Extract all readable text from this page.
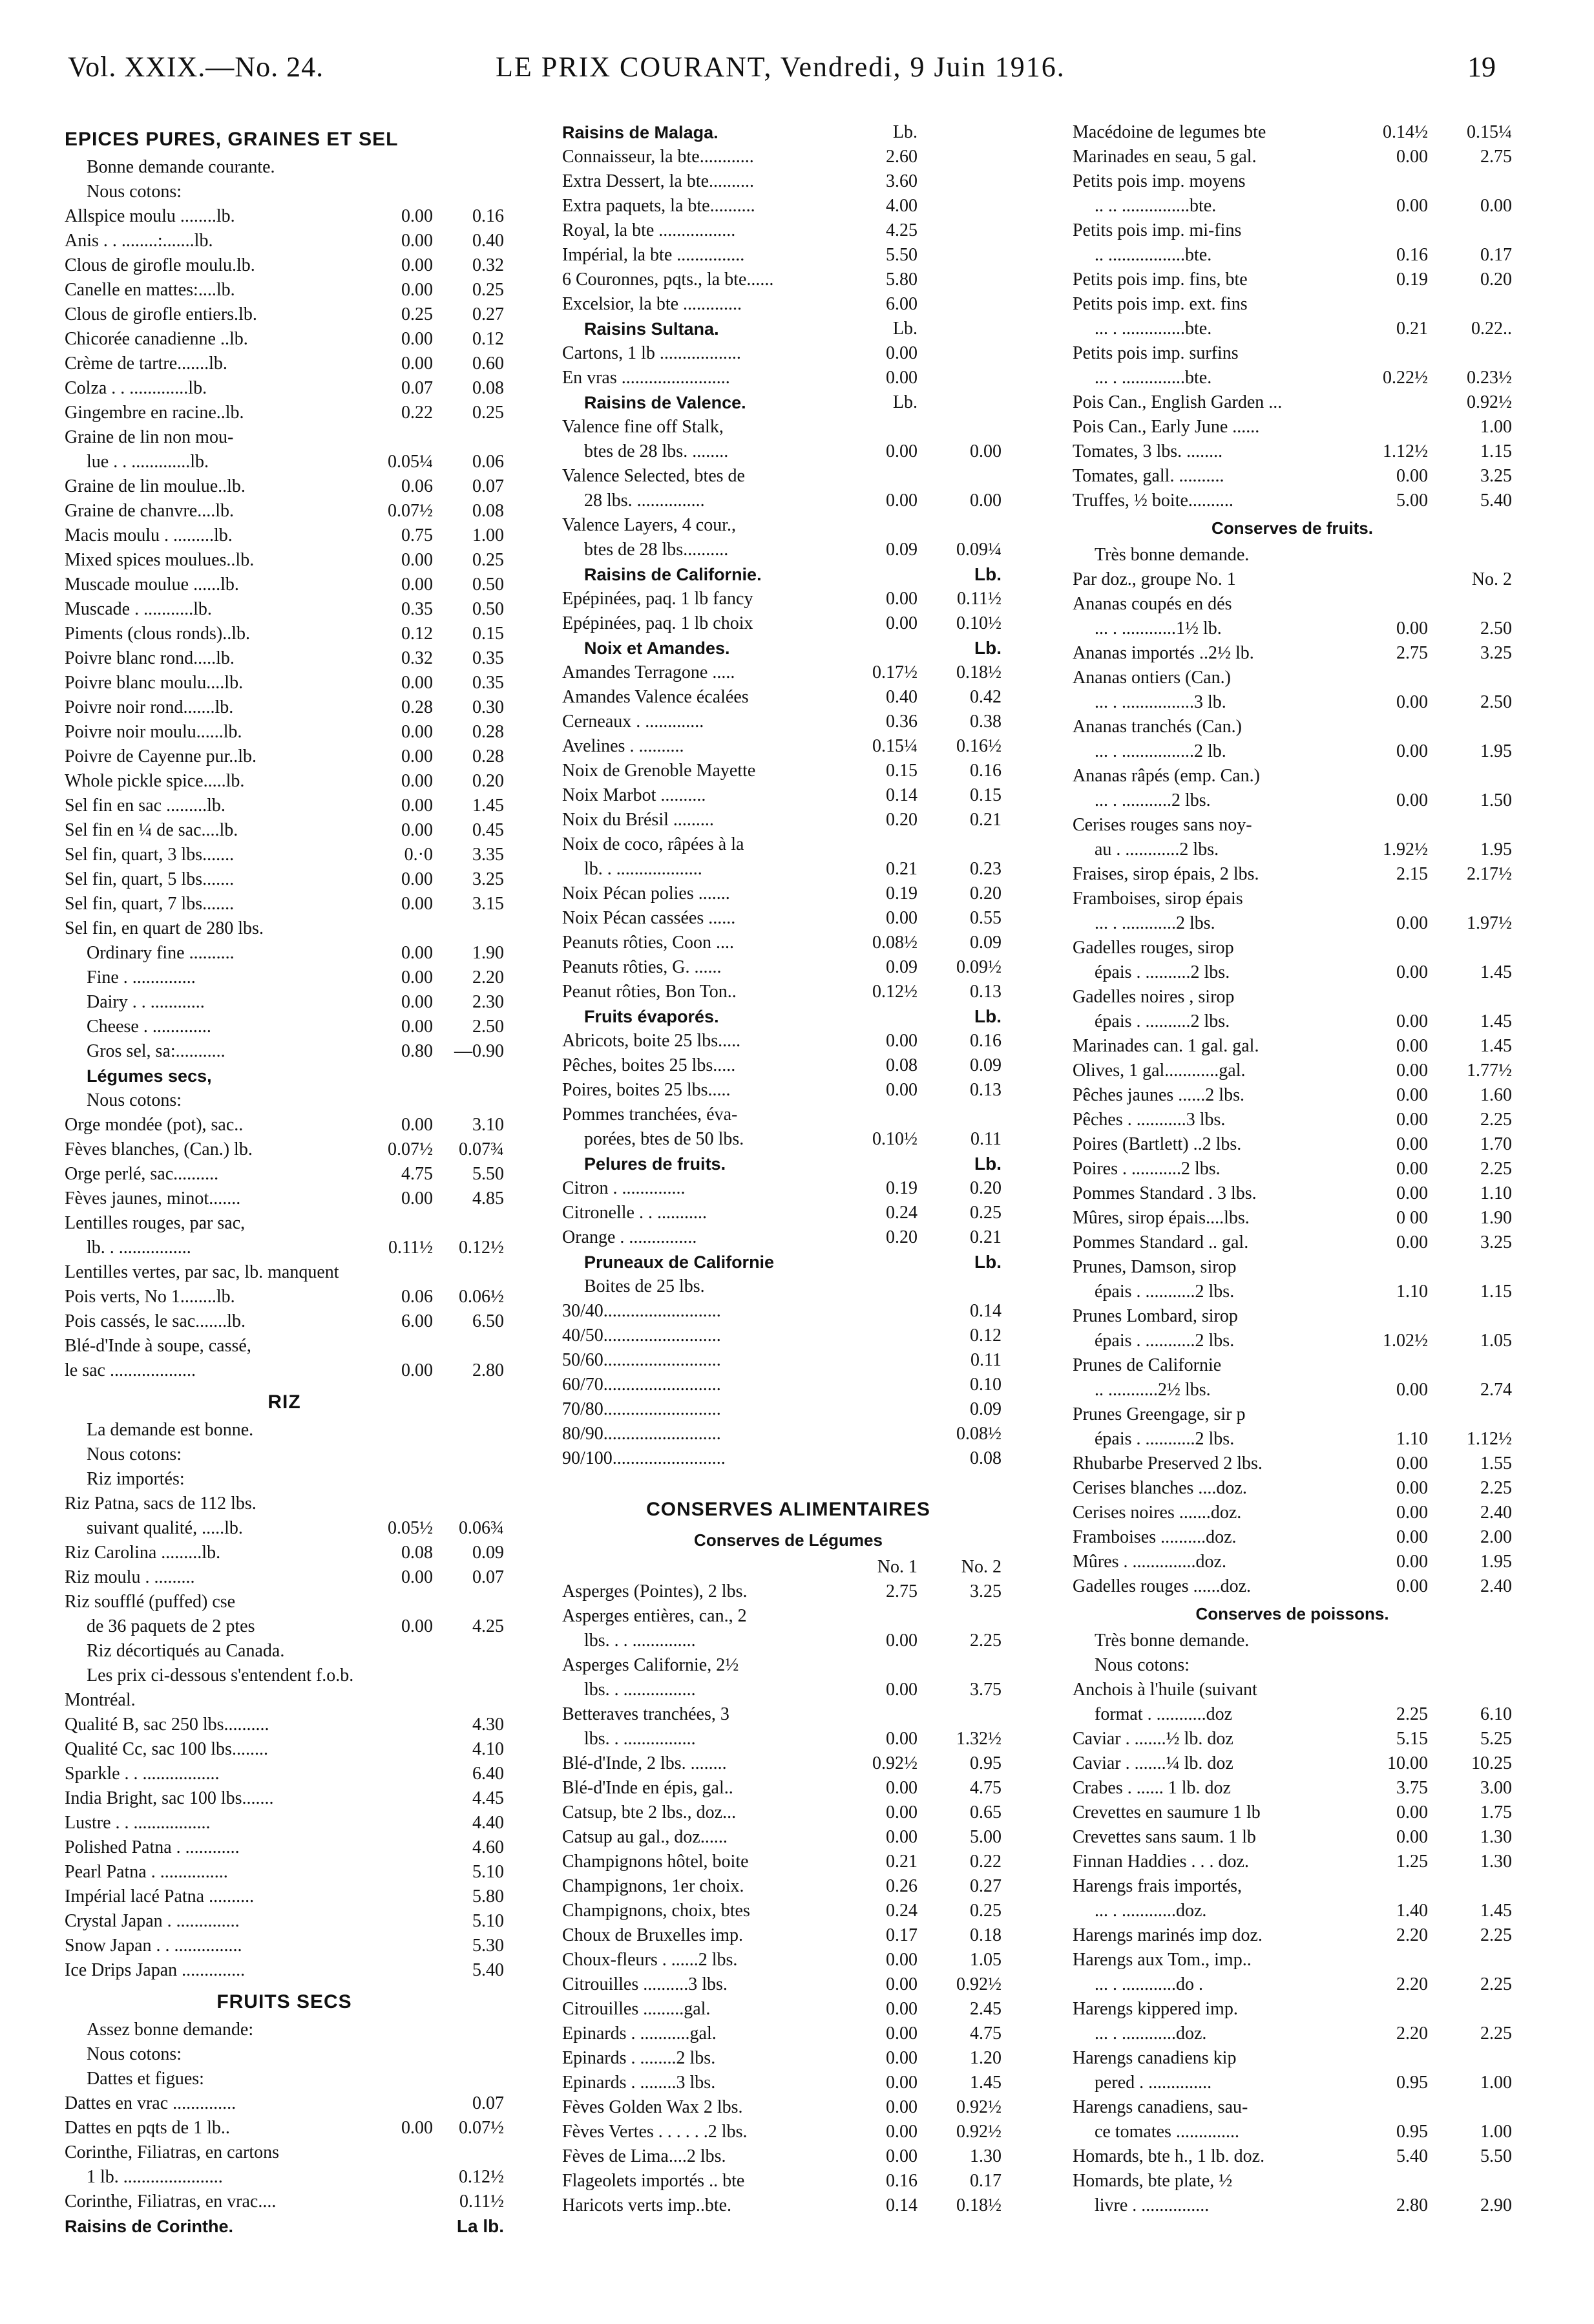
Vol. XXIX.—No. 24.	LE PRIX COURANT, Vendredi, 9 Juin 1916.	19
EPICES PURES, GRAINES ET SEL
Bonne demande courante.
Nous cotons:
Allspice moulu ........lb.	0.00 0.16
Anis . . ........:.......lb.	0.00 0.40
Clous de girofle moulu.lb.	0.00 0.32
Canelle en mattes:....lb.	0.00 0.25
Clous de girofle entiers.lb.	0.25 0.27
Chicorée canadienne ..lb.	0.00 0.12
Crème de tartre.......lb.	0.00 0.60
Colza . . .............lb.	0.07 0.08
Gingembre en racine..lb.	0.22 0.25
Graine de lin non mou-
lue . . .............lb.	0.05¼ 0.06
Graine de lin moulue..lb.	0.06 0.07
Graine de chanvre....lb.	0.07½ 0.08
Macis moulu . .........lb.	0.75 1.00
Mixed spices moulues..lb.	0.00 0.25
Muscade moulue ......lb.	0.00 0.50
Muscade . ...........lb.	0.35 0.50
Piments (clous ronds)..lb.	0.12 0.15
Poivre blanc rond.....lb.	0.32 0.35
Poivre blanc moulu....lb.	0.00 0.35
Poivre noir rond.......lb.	0.28 0.30
Poivre noir moulu......lb.	0.00 0.28
Poivre de Cayenne pur..lb.	0.00 0.28
Whole pickle spice.....lb.	0.00 0.20
Sel fin en sac .........lb.	0.00 1.45
Sel fin en ¼ de sac....lb.	0.00 0.45
Sel fin, quart, 3 lbs.......	0.·0 3.35
Sel fin, quart, 5 lbs.......	0.00 3.25
Sel fin, quart, 7 lbs.......	0.00 3.15
Sel fin, en quart de 280 lbs.
Ordinary fine ..........	0.00 1.90
Fine . ..............	0.00 2.20
Dairy . . ............	0.00 2.30
Cheese . .............	0.00 2.50
Gros sel, sa:...........	0.80 —0.90
Légumes secs,
Nous cotons:
Orge mondée (pot), sac..	0.00 3.10
Fèves blanches, (Can.) lb.	0.07½ 0.07¾
Orge perlé, sac..........	4.75 5.50
Fèves jaunes, minot.......	0.00 4.85
Lentilles rouges, par sac,
lb. . ................	0.11½ 0.12½
Lentilles vertes, par sac, lb. manquent
Pois verts, No 1........lb.	0.06 0.06½
Pois cassés, le sac.......lb.	6.00 6.50
Blé-d'Inde à soupe, cassé,
le sac ...................	0.00 2.80
RIZ
La demande est bonne.
Nous cotons:
Riz importés:
Riz Patna, sacs de 112 lbs.
suivant qualité, .....lb.	0.05½ 0.06¾
Riz Carolina .........lb.	0.08 0.09
Riz moulu . .........	0.00 0.07
Riz soufflé (puffed) cse
de 36 paquets de 2 ptes	0.00 4.25
Riz décortiqués au Canada.
Les prix ci-dessous s'entendent f.o.b.
Montréal.
Qualité B, sac 250 lbs..........	4.30
Qualité Cc, sac 100 lbs........	4.10
Sparkle . . .................	6.40
India Bright, sac 100 lbs.......	4.45
Lustre . . .................	4.40
Polished Patna . ............	4.60
Pearl Patna . ...............	5.10
Impérial lacé Patna ..........	5.80
Crystal Japan . ..............	5.10
Snow Japan . . ...............	5.30
Ice Drips Japan ..............	5.40
FRUITS SECS
Assez bonne demande:
Nous cotons:
Dattes et figues:
Dattes en vrac ..............	0.07
Dattes en pqts de 1 lb..	0.00 0.07½
Corinthe, Filiatras, en cartons
1 lb. ......................	0.12½
Corinthe, Filiatras, en vrac....	0.11½
Raisins de Corinthe.	La lb.
Raisins de Malaga.	Lb.
Connaisseur, la bte............	2.60
Extra Dessert, la bte..........	3.60
Extra paquets, la bte..........	4.00
Royal, la bte .................	4.25
Impérial, la bte ...............	5.50
6 Couronnes, pqts., la bte......	5.80
Excelsior, la bte .............	6.00
Raisins Sultana.	Lb.
Cartons, 1 lb ..................	0.00
En vras ........................	0.00
Raisins de Valence.	Lb.
Valence fine off Stalk,
btes de 28 lbs. ........	0.00	0.00
Valence Selected, btes de
28 lbs. ...............	0.00	0.00
Valence Layers, 4 cour.,
btes de 28 lbs..........	0.09 0.09¼
Raisins de Californie.	Lb.
Epépinées, paq. 1 lb fancy	0.00 0.11½
Epépinées, paq. 1 lb choix	0.00 0.10½
Noix et Amandes.	Lb.
Amandes Terragone .....	0.17½ 0.18½
Amandes Valence écalées	0.40	0.42
Cerneaux . .............	0.36	0.38
Avelines . ..........	0.15¼ 0.16½
Noix de Grenoble Mayette	0.15	0.16
Noix Marbot ..........	0.14	0.15
Noix du Brésil .........	0.20	0.21
Noix de coco, râpées à la
lb. . ...................	0.21	0.23
Noix Pécan polies .......	0.19	0.20
Noix Pécan cassées ......	0.00	0.55
Peanuts rôties, Coon ....	0.08½	0.09
Peanuts rôties, G. ......	0.09 0.09½
Peanut rôties, Bon Ton..	0.12½	0.13
Fruits évaporés.	Lb.
Abricots, boite 25 lbs.....	0.00	0.16
Pêches, boites 25 lbs.....	0.08	0.09
Poires, boites 25 lbs.....	0.00	0.13
Pommes tranchées, éva-
porées, btes de 50 lbs.	0.10½	0.11
Pelures de fruits.	Lb.
Citron . ..............	0.19	0.20
Citronelle . . ...........	0.24	0.25
Orange . ...............	0.20	0.21
Pruneaux de Californie	Lb.
Boites de 25 lbs.
30/40..........................	0.14
40/50..........................	0.12
50/60..........................	0.11
60/70..........................	0.10
70/80..........................	0.09
80/90..........................	0.08½
90/100.........................	0.08
CONSERVES ALIMENTAIRES
Conserves de Légumes
No. 1 No. 2
Asperges (Pointes), 2 lbs.	2.75	3.25
Asperges entières, can., 2
lbs. . . ..............	0.00	2.25
Asperges Californie, 2½
lbs. . ................	0.00	3.75
Betteraves tranchées, 3
lbs. . ................	0.00 1.32½
Blé-d'Inde, 2 lbs. ........	0.92½	0.95
Blé-d'Inde en épis, gal..	0.00	4.75
Catsup, bte 2 lbs., doz...	0.00	0.65
Catsup au gal., doz......	0.00	5.00
Champignons hôtel, boite	0.21	0.22
Champignons, 1er choix.	0.26	0.27
Champignons, choix, btes	0.24	0.25
Choux de Bruxelles imp.	0.17	0.18
Choux-fleurs . ......2 lbs.	0.00	1.05
Citrouilles ..........3 lbs.	0.00 0.92½
Citrouilles .........gal.	0.00	2.45
Epinards . ...........gal.	0.00	4.75
Epinards . ........2 lbs.	0.00	1.20
Epinards . ........3 lbs.	0.00	1.45
Fèves Golden Wax 2 lbs.	0.00 0.92½
Fèves Vertes . . . . . .2 lbs.	0.00 0.92½
Fèves de Lima....2 lbs.	0.00	1.30
Flageolets importés .. bte	0.16	0.17
Haricots verts imp..bte.	0.14 0.18½
Macédoine de legumes bte	0.14½ 0.15¼
Marinades en seau, 5 gal.	0.00	2.75
Petits pois imp. moyens
.. .. ...............bte.	0.00	0.00
Petits pois imp. mi-fins
.. .................bte.	0.16	0.17
Petits pois imp. fins, bte	0.19	0.20
Petits pois imp. ext. fins
... . ..............bte.	0.21 0.22..
Petits pois imp. surfins
... . ..............bte.	0.22½ 0.23½
Pois Can., English Garden ...	0.92½
Pois Can., Early June ......	1.00
Tomates, 3 lbs. ........	1.12½	1.15
Tomates, gall. ..........	0.00	3.25
Truffes, ½ boite..........	5.00	5.40
Conserves de fruits.
Très bonne demande.
Par doz., groupe No. 1	No. 2
Ananas coupés en dés
... . ............1½ lb.	0.00	2.50
Ananas importés ..2½ lb.	2.75	3.25
Ananas ontiers (Can.)
... . ................3 lb.	0.00	2.50
Ananas tranchés (Can.)
... . ................2 lb.	0.00	1.95
Ananas râpés (emp. Can.)
... . ...........2 lbs.	0.00	1.50
Cerises rouges sans noy-
au . ............2 lbs.	1.92½	1.95
Fraises, sirop épais, 2 lbs.	2.15 2.17½
Framboises, sirop épais
... . ............2 lbs.	0.00 1.97½
Gadelles rouges, sirop
épais . ..........2 lbs.	0.00	1.45
Gadelles noires , sirop
épais . ..........2 lbs.	0.00	1.45
Marinades can. 1 gal. gal.	0.00	1.45
Olives, 1 gal............gal.	0.00 1.77½
Pêches jaunes ......2 lbs.	0.00	1.60
Pêches . ...........3 lbs.	0.00	2.25
Poires (Bartlett) ..2 lbs.	0.00	1.70
Poires . ...........2 lbs.	0.00	2.25
Pommes Standard . 3 lbs.	0.00	1.10
Mûres, sirop épais....lbs.	0 00	1.90
Pommes Standard .. gal.	0.00	3.25
Prunes, Damson, sirop
épais . ...........2 lbs.	1.10	1.15
Prunes Lombard, sirop
épais . ...........2 lbs.	1.02½	1.05
Prunes de Californie
.. ...........2½ lbs.	0.00	2.74
Prunes Greengage, sir p
épais . ...........2 lbs.	1.10 1.12½
Rhubarbe Preserved 2 lbs.	0.00	1.55
Cerises blanches ....doz.	0.00	2.25
Cerises noires .......doz.	0.00	2.40
Framboises ..........doz.	0.00	2.00
Mûres . ..............doz.	0.00	1.95
Gadelles rouges ......doz.	0.00	2.40
Conserves de poissons.
Très bonne demande.
Nous cotons:
Anchois à l'huile (suivant
format . ...........doz	2.25	6.10
Caviar . .......½ lb. doz	5.15	5.25
Caviar . .......¼ lb. doz	10.00 10.25
Crabes . ...... 1 lb. doz	3.75	3.00
Crevettes en saumure 1 lb	0.00	1.75
Crevettes sans saum. 1 lb	0.00	1.30
Finnan Haddies . . . doz.	1.25	1.30
Harengs frais importés,
... . ............doz.	1.40	1.45
Harengs marinés imp doz.	2.20	2.25
Harengs aux Tom., imp..
... . ............do .	2.20	2.25
Harengs kippered imp.
... . ............doz.	2.20	2.25
Harengs canadiens kip
pered . ..............	0.95	1.00
Harengs canadiens, sau-
ce tomates ..............	0.95	1.00
Homards, bte h., 1 lb. doz.	5.40	5.50
Homards, bte plate, ½
livre . ...............	2.80	2.90
